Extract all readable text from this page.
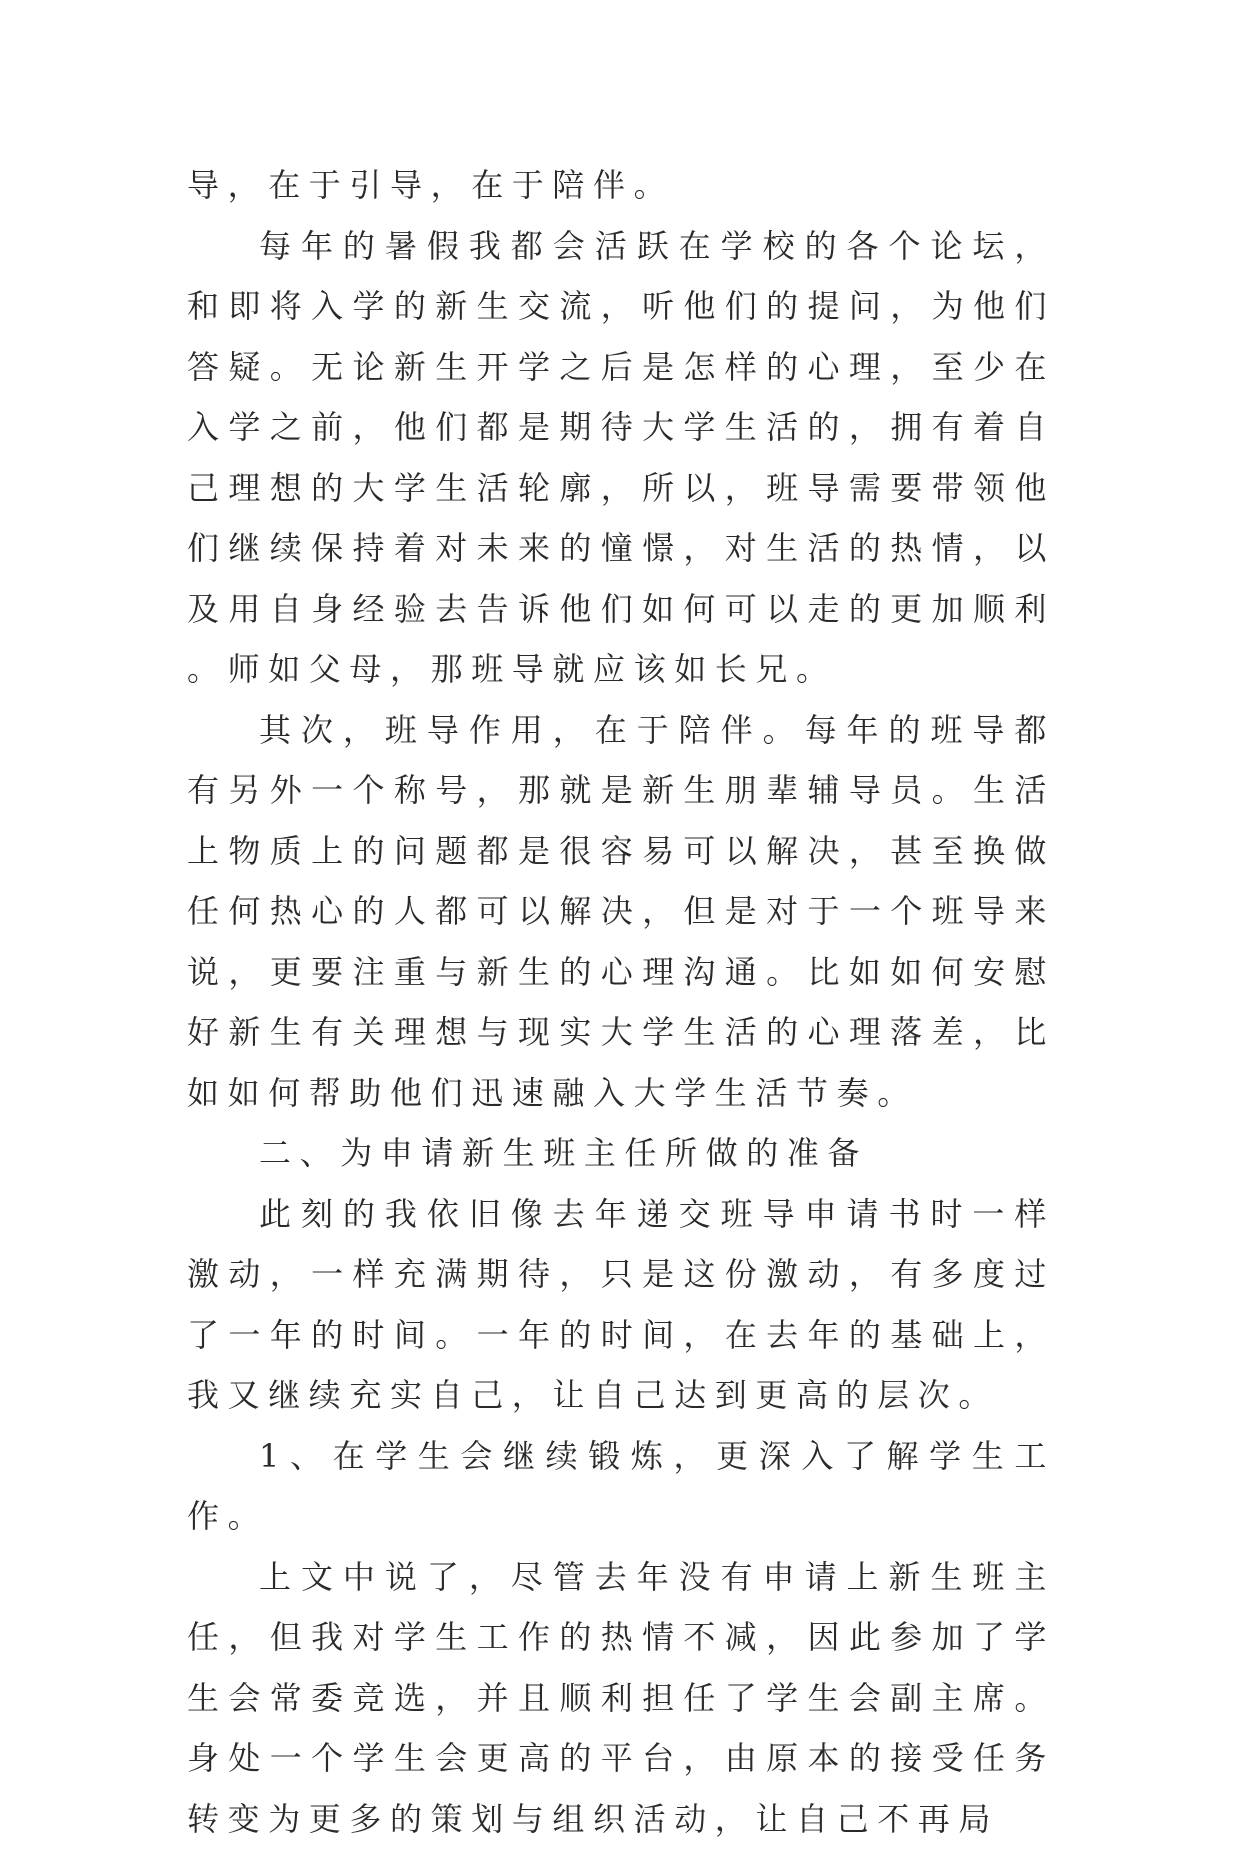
导，在于引导，在于陪伴。

每年的暑假我都会活跃在学校的各个论坛，和即将入学的新生交流，听他们的提问，为他们答疑。无论新生开学之后是怎样的心理，至少在入学之前，他们都是期待大学生活的，拥有着自己理想的大学生活轮廓，所以，班导需要带领他们继续保持着对未来的憧憬，对生活的热情，以及用自身经验去告诉他们如何可以走的更加顺利。师如父母，那班导就应该如长兄。

其次，班导作用，在于陪伴。每年的班导都有另外一个称号，那就是新生朋辈辅导员。生活上物质上的问题都是很容易可以解决，甚至换做任何热心的人都可以解决，但是对于一个班导来说，更要注重与新生的心理沟通。比如如何安慰好新生有关理想与现实大学生活的心理落差，比如如何帮助他们迅速融入大学生活节奏。

二、为申请新生班主任所做的准备

此刻的我依旧像去年递交班导申请书时一样激动，一样充满期待，只是这份激动，有多度过了一年的时间。一年的时间，在去年的基础上，我又继续充实自己，让自己达到更高的层次。

1、在学生会继续锻炼，更深入了解学生工作。

上文中说了，尽管去年没有申请上新生班主任，但我对学生工作的热情不减，因此参加了学生会常委竞选，并且顺利担任了学生会副主席。身处一个学生会更高的平台，由原本的接受任务转变为更多的策划与组织活动，让自己不再局
